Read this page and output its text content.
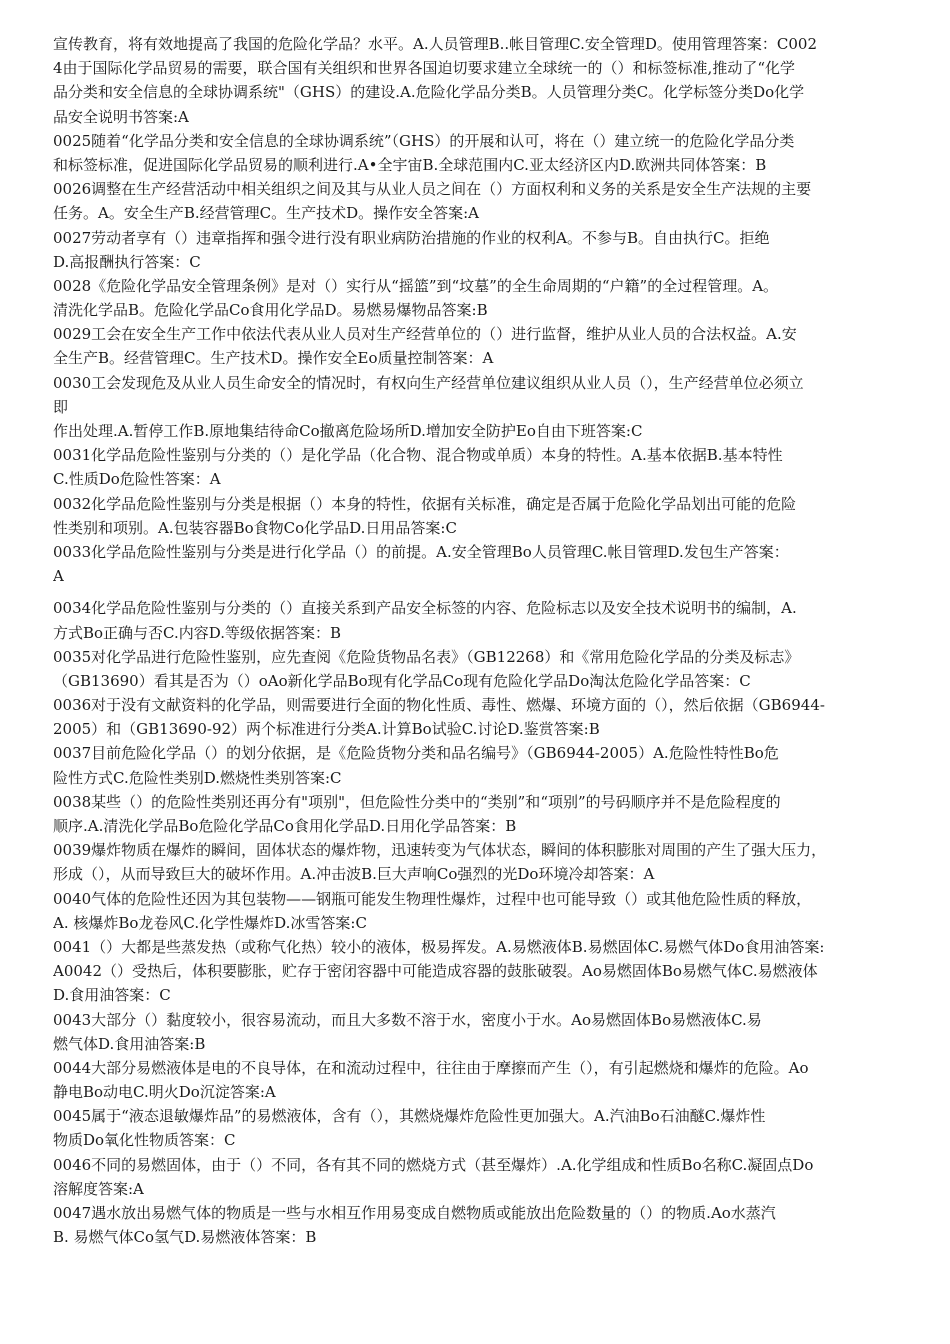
宣传教育，将有效地提高了我国的危险化学品？水平。A.人员管理B..帐目管理C.安全管理D。使用管理答案：C002
4由于国际化学品贸易的需要，联合国有关组织和世界各国迫切要求建立全球统一的（）和标签标准,推动了“化学
品分类和安全信息的全球协调系统"（GHS）的建设.A.危险化学品分类B。人员管理分类C。化学标签分类Do化学
品安全说明书答案:A
0025随着“化学品分类和安全信息的全球协调系统”（GHS）的开展和认可，将在（）建立统一的危险化学品分类
和标签标准，促进国际化学品贸易的顺利进行.A•全宇宙B.全球范围内C.亚太经济区内D.欧洲共同体答案：B
0026调整在生产经营活动中相关组织之间及其与从业人员之间在（）方面权利和义务的关系是安全生产法规的主要
任务。A。安全生产B.经营管理C。生产技术D。操作安全答案:A
0027劳动者享有（）违章指挥和强令进行没有职业病防治措施的作业的权利A。不参与B。自由执行C。拒绝
D.高报酬执行答案：C
0028《危险化学品安全管理条例》是对（）实行从“摇篮”到“坟墓”的全生命周期的“户籍”的全过程管理。A。
清洗化学品B。危险化学品Co食用化学品D。易燃易爆物品答案:B
0029工会在安全生产工作中依法代表从业人员对生产经营单位的（）进行监督，维护从业人员的合法权益。A.安
全生产B。经营管理C。生产技术D。操作安全Eo质量控制答案：A
0030工会发现危及从业人员生命安全的情况时，有权向生产经营单位建议组织从业人员（），生产经营单位必须立
即
作出处理.A.暂停工作B.原地集结待命Co撤离危险场所D.增加安全防护Eo自由下班答案:C
0031化学品危险性鉴别与分类的（）是化学品（化合物、混合物或单质）本身的特性。A.基本依据B.基本特性
C.性质Do危险性答案：A
0032化学品危险性鉴别与分类是根据（）本身的特性，依据有关标准，确定是否属于危险化学品划出可能的危险
性类别和项别。A.包装容器Bo食物Co化学品D.日用品答案:C
0033化学品危险性鉴别与分类是进行化学品（）的前提。A.安全管理Bo人员管理C.帐目管理D.发包生产答案：
A
0034化学品危险性鉴别与分类的（）直接关系到产品安全标签的内容、危险标志以及安全技术说明书的编制，A.
方式Bo正确与否C.内容D.等级依据答案：B
0035对化学品进行危险性鉴别，应先查阅《危险货物品名表》（GB12268）和《常用危险化学品的分类及标志》
（GB13690）看其是否为（）oAo新化学品Bo现有化学品Co现有危险化学品Do淘汰危险化学品答案：C
0036对于没有文献资料的化学品，则需要进行全面的物化性质、毒性、燃爆、环境方面的（），然后依据（GB6944-
2005）和（GB13690-92）两个标准进行分类A.计算Bo试验C.讨论D.鉴赏答案:B
0037目前危险化学品（）的划分依据，是《危险货物分类和品名编号》（GB6944-2005）A.危险性特性Bo危
险性方式C.危险性类别D.燃烧性类别答案:C
0038某些（）的危险性类别还再分有"项别"，但危险性分类中的“类别”和“项别”的号码顺序并不是危险程度的
顺序.A.清洗化学品Bo危险化学品Co食用化学品D.日用化学品答案：B
0039爆炸物质在爆炸的瞬间，固体状态的爆炸物，迅速转变为气体状态，瞬间的体积膨胀对周围的产生了强大压力，
形成（），从而导致巨大的破坏作用。A.冲击波B.巨大声响Co强烈的光Do环境冷却答案：A
0040气体的危险性还因为其包装物——钢瓶可能发生物理性爆炸，过程中也可能导致（）或其他危险性质的释放，
A. 核爆炸Bo龙卷风C.化学性爆炸D.冰雪答案:C
0041（）大都是些蒸发热（或称气化热）较小的液体，极易挥发。A.易燃液体B.易燃固体C.易燃气体Do食用油答案:
A0042（）受热后，体积要膨胀，贮存于密闭容器中可能造成容器的鼓胀破裂。Ao易燃固体Bo易燃气体C.易燃液体
D.食用油答案：C
0043大部分（）黏度较小，很容易流动，而且大多数不溶于水，密度小于水。Ao易燃固体Bo易燃液体C.易
燃气体D.食用油答案:B
0044大部分易燃液体是电的不良导体，在和流动过程中，往往由于摩擦而产生（），有引起燃烧和爆炸的危险。Ao
静电Bo动电C.明火Do沉淀答案:A
0045属于“液态退敏爆炸品”的易燃液体，含有（），其燃烧爆炸危险性更加强大。A.汽油Bo石油醚C.爆炸性
物质Do氧化性物质答案：C
0046不同的易燃固体，由于（）不同，各有其不同的燃烧方式（甚至爆炸）.A.化学组成和性质Bo名称C.凝固点Do
溶解度答案:A
0047遇水放出易燃气体的物质是一些与水相互作用易变成自燃物质或能放出危险数量的（）的物质.Ao水蒸汽
B. 易燃气体Co氢气D.易燃液体答案：B
